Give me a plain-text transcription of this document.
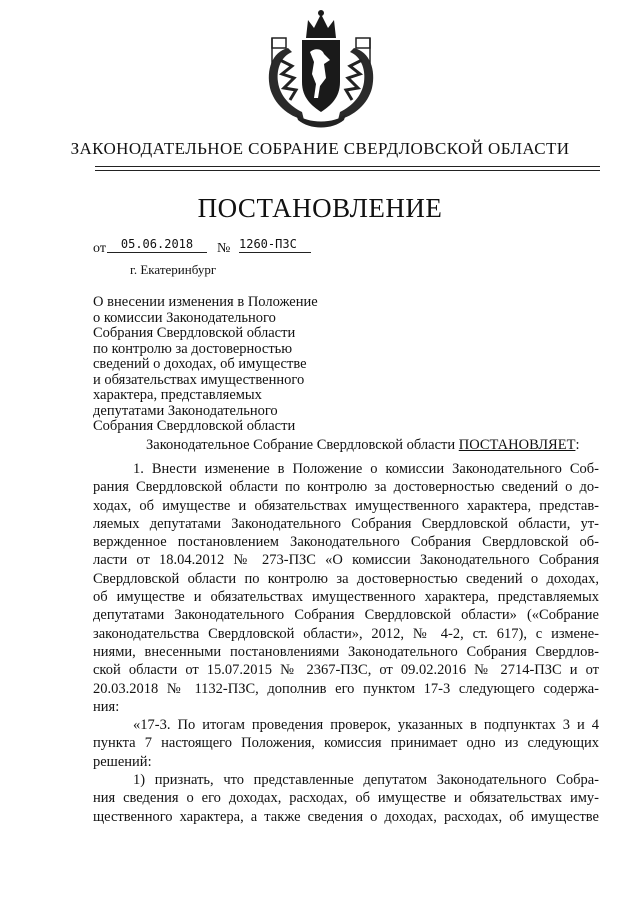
ЗАКОНОДАТЕЛЬНОЕ СОБРАНИЕ СВЕРДЛОВСКОЙ ОБЛАСТИ
ПОСТАНОВЛЕНИЕ
от	05.06.2018	№ 1260-ПЗС
г. Екатеринбург
О внесении изменения в Положение
о комиссии Законодательного
Собрания Свердловской области
по контролю за достоверностью
сведений о доходах, об имуществе
и обязательствах имущественного
характера, представляемых
депутатами Законодательного
Собрания Свердловской области
Законодательное Собрание Свердловской области ПОСТАНОВЛЯЕТ:
1. Внести изменение в Положение о комиссии Законодательного Соб-
рания Свердловской области по контролю за достоверностью сведений о до-
ходах, об имуществе и обязательствах имущественного характера, представ-
ляемых депутатами Законодательного Собрания Свердловской области, ут-
вержденное постановлением Законодательного Собрания Свердловской об-
ласти от 18.04.2012 № 273-ПЗС «О комиссии Законодательного Собрания
Свердловской области по контролю за достоверностью сведений о доходах,
об имуществе и обязательствах имущественного характера, представляемых
депутатами Законодательного Собрания Свердловской области» («Собрание
законодательства Свердловской области», 2012, № 4-2, ст. 617), с измене-
ниями, внесенными постановлениями Законодательного Собрания Свердлов-
ской области от 15.07.2015 № 2367-ПЗС, от 09.02.2016 № 2714-ПЗС и от
20.03.2018 № 1132-ПЗС, дополнив его пунктом 17-3 следующего содержа-
ния:
«17-3. По итогам проведения проверок, указанных в подпунктах 3 и 4
пункта 7 настоящего Положения, комиссия принимает одно из следующих
решений:
1) признать, что представленные депутатом Законодательного Собра-
ния сведения о его доходах, расходах, об имуществе и обязательствах иму-
щественного характера, а также сведения о доходах, расходах, об имуществе
